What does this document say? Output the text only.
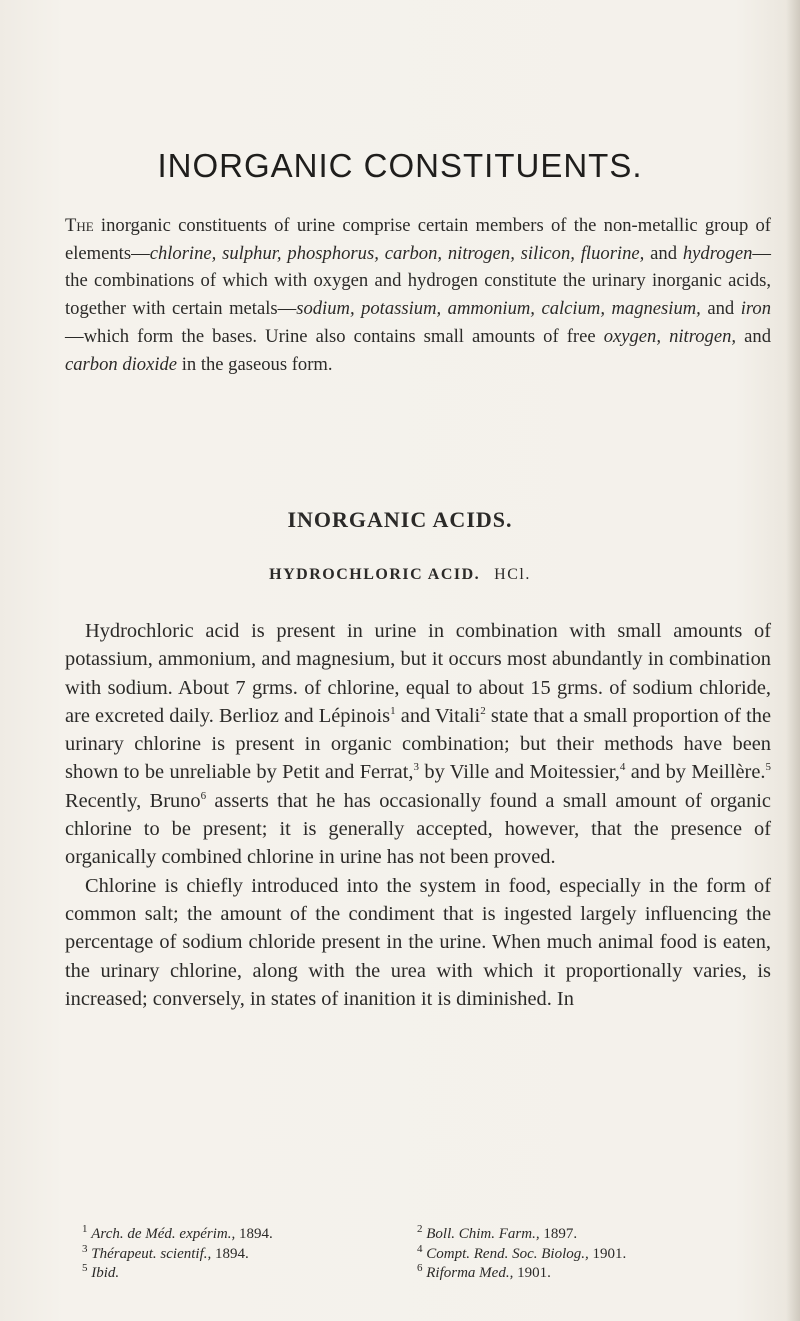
INORGANIC CONSTITUENTS.

The inorganic constituents of urine comprise certain members of the non-metallic group of elements—chlorine, sulphur, phosphorus, carbon, nitrogen, silicon, fluorine, and hydrogen—the combinations of which with oxygen and hydrogen constitute the urinary inorganic acids, together with certain metals—sodium, potassium, ammonium, calcium, magnesium, and iron—which form the bases. Urine also contains small amounts of free oxygen, nitrogen, and carbon dioxide in the gaseous form.

INORGANIC ACIDS.
HYDROCHLORIC ACID. HCl.

Hydrochloric acid is present in urine in combination with small amounts of potassium, ammonium, and magnesium, but it occurs most abundantly in combination with sodium. About 7 grms. of chlorine, equal to about 15 grms. of sodium chloride, are excreted daily. Berlioz and Lépinois$^1$ and Vitali$^2$ state that a small proportion of the urinary chlorine is present in organic combination; but their methods have been shown to be unreliable by Petit and Ferrat,$^3$ by Ville and Moitessier,$^4$ and by Meillère.$^5$ Recently, Bruno$^6$ asserts that he has occasionally found a small amount of organic chlorine to be present; it is generally accepted, however, that the presence of organically combined chlorine in urine has not been proved.

Chlorine is chiefly introduced into the system in food, especially in the form of common salt; the amount of the condiment that is ingested largely influencing the percentage of sodium chloride present in the urine. When much animal food is eaten, the urinary chlorine, along with the urea with which it proportionally varies, is increased; conversely, in states of inanition it is diminished. In

$^1$ Arch. de Méd. expérim., 1894.	$^2$ Boll. Chim. Farm., 1897.
$^3$ Thérapeut. scientif., 1894.	$^4$ Compt. Rend. Soc. Biolog., 1901.
$^5$ Ibid.	$^6$ Riforma Med., 1901.
